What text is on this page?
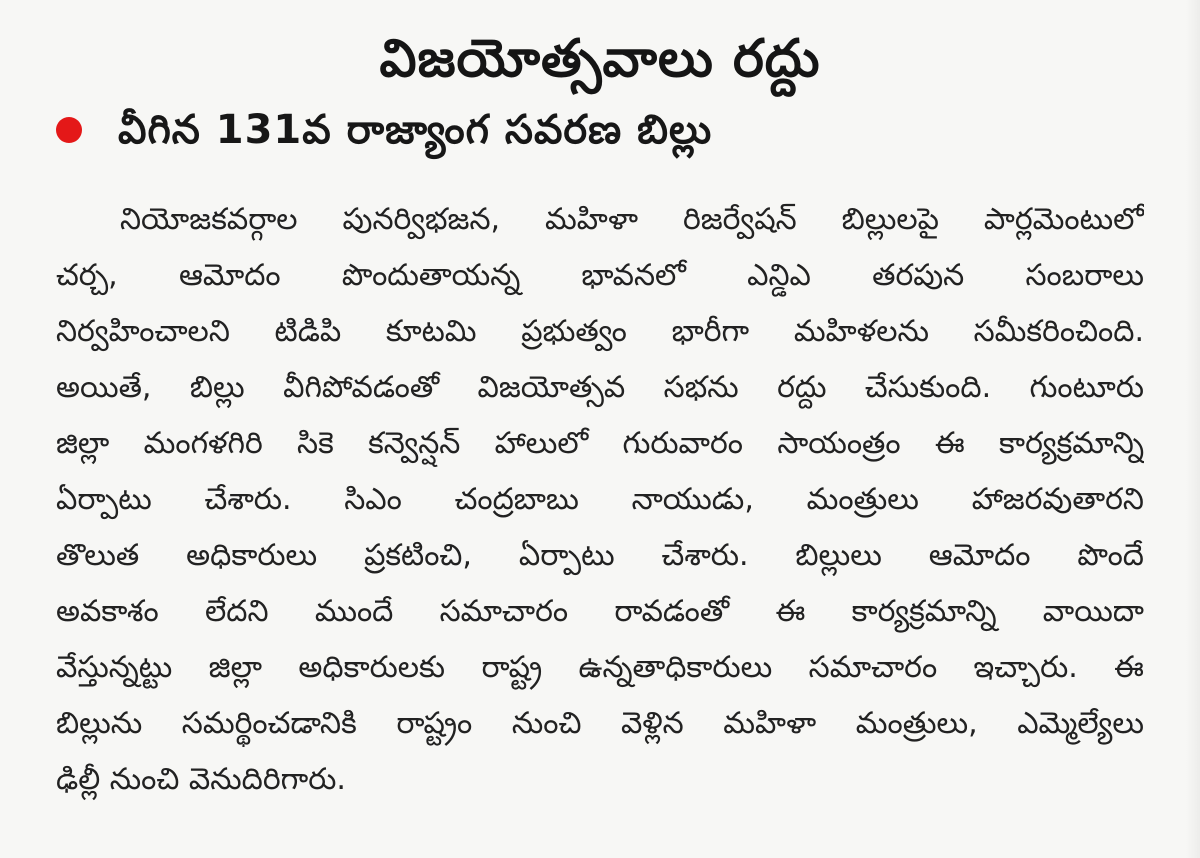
విజయోత్సవాలు రద్దు
వీగిన 131వ రాజ్యాంగ సవరణ బిల్లు
నియోజకవర్గాల పునర్విభజన, మహిళా రిజర్వేషన్ బిల్లులపై పార్లమెంటులో
చర్చ, ఆమోదం పొందుతాయన్న భావనలో ఎన్డిఎ తరపున సంబరాలు
నిర్వహించాలని టిడిపి కూటమి ప్రభుత్వం భారీగా మహిళలను సమీకరించింది.
అయితే, బిల్లు వీగిపోవడంతో విజయోత్సవ సభను రద్దు చేసుకుంది. గుంటూరు
జిల్లా మంగళగిరి సికె కన్వెన్షన్ హాలులో గురువారం సాయంత్రం ఈ కార్యక్రమాన్ని
ఏర్పాటు చేశారు. సిఎం చంద్రబాబు నాయుడు, మంత్రులు హాజరవుతారని
తొలుత అధికారులు ప్రకటించి, ఏర్పాటు చేశారు. బిల్లులు ఆమోదం పొందే
అవకాశం లేదని ముందే సమాచారం రావడంతో ఈ కార్యక్రమాన్ని వాయిదా
వేస్తున్నట్టు జిల్లా అధికారులకు రాష్ట్ర ఉన్నతాధికారులు సమాచారం ఇచ్చారు. ఈ
బిల్లును సమర్థించడానికి రాష్ట్రం నుంచి వెళ్లిన మహిళా మంత్రులు, ఎమ్మెల్యేలు
ఢిల్లీ నుంచి వెనుదిరిగారు.
